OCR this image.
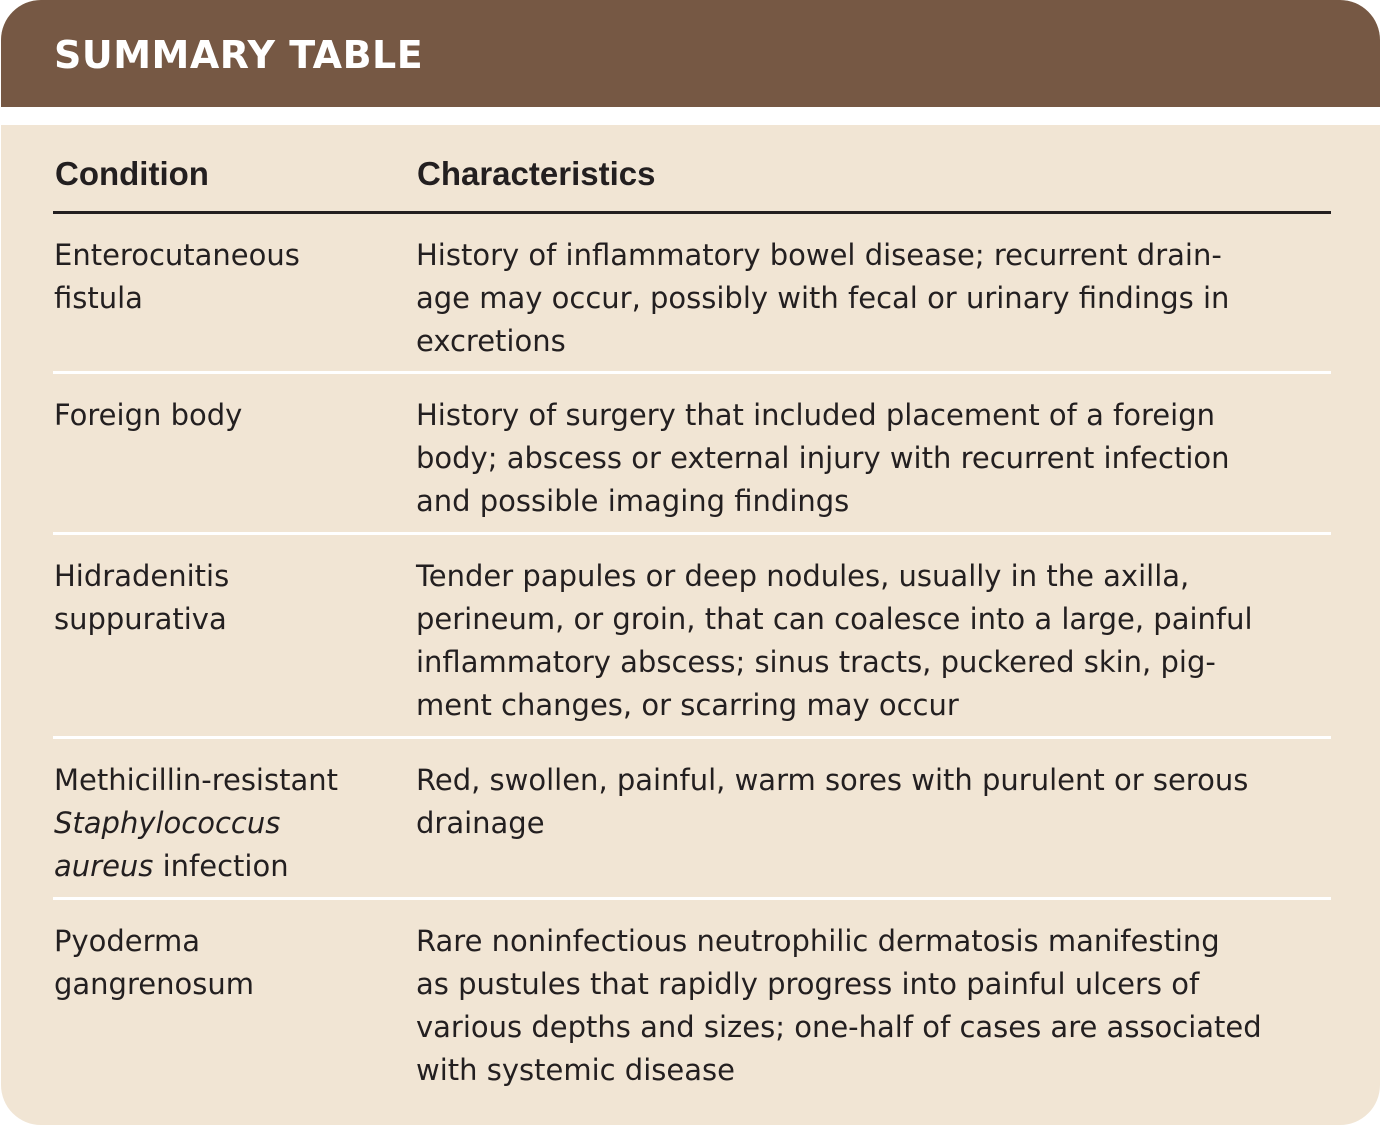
SUMMARY TABLE
Condition	Characteristics
Enterocutaneous
fistula
History of inflammatory bowel disease; recurrent drain-
age may occur, possibly with fecal or urinary findings in
excretions
Foreign body	History of surgery that included placement of a foreign
body; abscess or external injury with recurrent infection
and possible imaging findings
Hidradenitis
suppurativa
Tender papules or deep nodules, usually in the axilla,
perineum, or groin, that can coalesce into a large, painful
inflammatory abscess; sinus tracts, puckered skin, pig-
ment changes, or scarring may occur
Methicillin-resistant
Staphylococcus
aureus infection
Red, swollen, painful, warm sores with purulent or serous
drainage
Pyoderma
gangrenosum
Rare noninfectious neutrophilic dermatosis manifesting
as pustules that rapidly progress into painful ulcers of
various depths and sizes; one-half of cases are associated
with systemic disease
